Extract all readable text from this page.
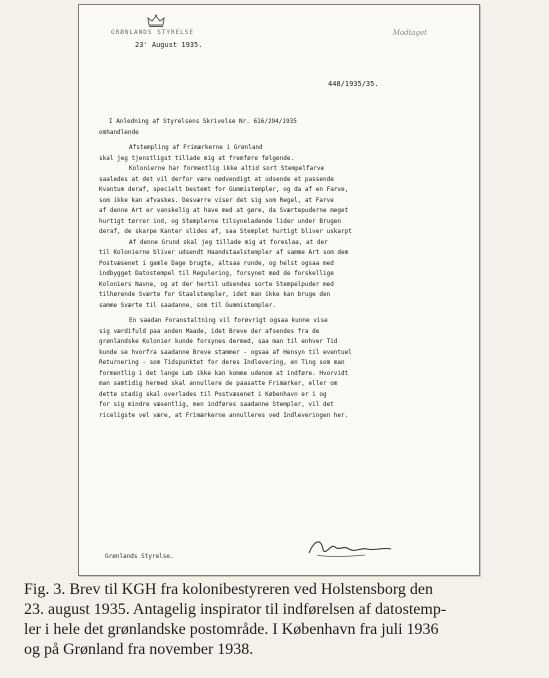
GRØNLANDS STYRELSE	Modtaget
23' August 1935.
448/1935/35.
I Anledning af Styrelsens Skrivelse Nr. 616/294/1935
omhandlende
Afstempling af Frimærkerne i Grønland
skal jeg tjenstligst tillade mig at fremføre følgende.
Kolonierne har formentlig ikke altid sort Stempelfarve
saaledes at det vil derfor være nødvendigt at udsende et passende
Kvantum deraf, specielt bestemt for Gummistempler, og da af en Farve,
som ikke kan afvaskes. Desværre viser det sig som Regel, at Farve
af denne Art er vanskelig at have med at gøre, da Sværtepuderne meget
hurtigt tørrer ind, og Stemplerne tilsyneladende lider under Brugen
deraf, de skarpe Kanter slides af, saa Stemplet hurtigt bliver uskarpt
Af denne Grund skal jeg tillade mig at foreslaa, at der
til Kolonierne bliver udsendt Haandstaalstempler af samme Art som dem
Postvæsenet i gamle Dage brugte, altsaa runde, og helst ogsaa med
indbygget Datostempel til Regulering, forsynet med de forskellige
Koloniers Navne, og at der hertil udsendes sorte Stempelpuder med
tilhørende Sværte for Staalstempler, idet man ikke kan bruge den
samme Sværte til saadanne, som til Gummistempler.
En saadan Foranstaltning vil forøvrigt ogsaa kunne vise
sig værdifuld paa anden Maade, idet Breve der afsendes fra de
grønlandske Kolonier kunde forsynes dermed, saa man til enhver Tid
kunde se hvorfra saadanne Breve stammer - ogsaa af Hensyn til eventuel
Returnering - som Tidspunktet for deres Indlevering, en Ting som man
formentlig i det lange Løb ikke kan komme udenom at indføre. Hvorvidt
man samtidig hermed skal annullere de paasatte Frimærker, eller om
dette stadig skal overlades til Postvæsenet i København er i og
for sig mindre væsentlig, men indføres saadanne Stempler, vil det
riceligste vel være, at Frimærkerne annulleres ved Indleveringen her.
Grønlands Styrelse.
Fig. 3. Brev til KGH fra kolonibestyreren ved Holstensborg den
23. august 1935. Antagelig inspirator til indførelsen af datostemp-
ler i hele det grønlandske postområde. I København fra juli 1936
og på Grønland fra november 1938.
